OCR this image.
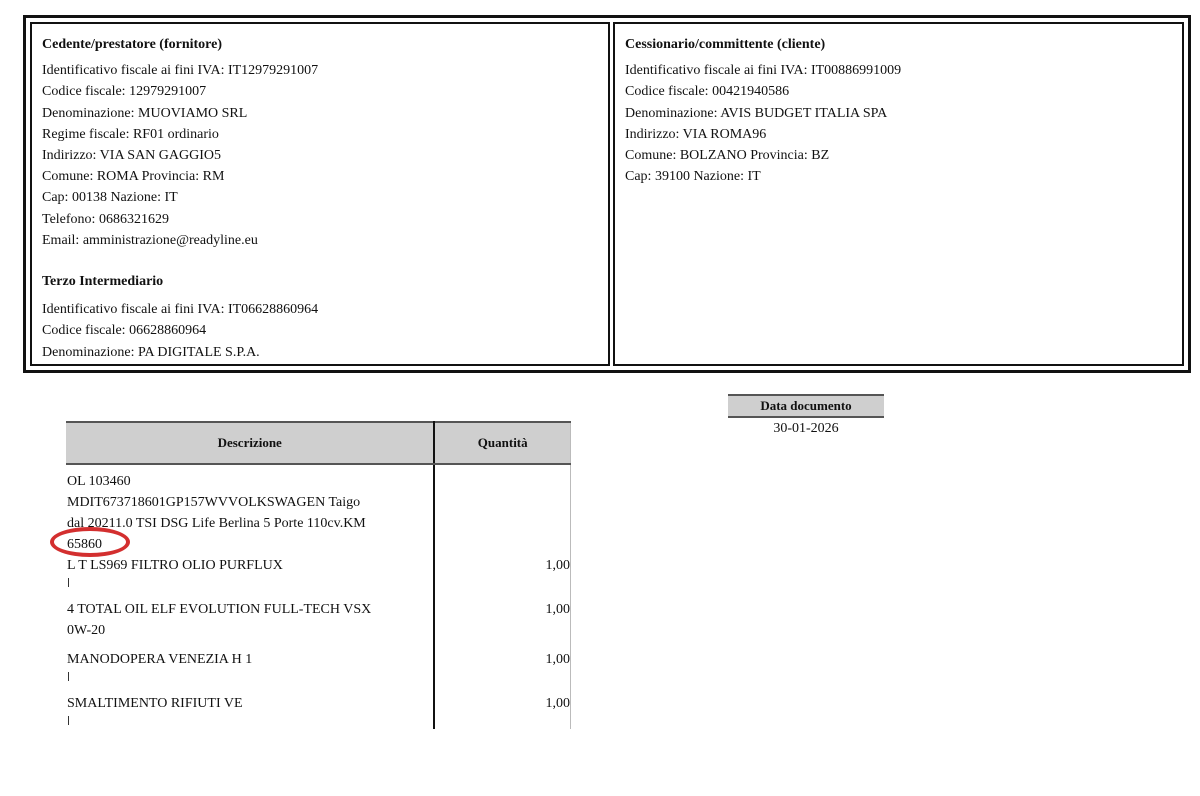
Cedente/prestatore (fornitore)
Identificativo fiscale ai fini IVA: IT12979291007
Codice fiscale: 12979291007
Denominazione: MUOVIAMO SRL
Regime fiscale: RF01 ordinario
Indirizzo: VIA SAN GAGGIO5
Comune: ROMA Provincia: RM
Cap: 00138 Nazione: IT
Telefono: 0686321629
Email: amministrazione@readyline.eu
Terzo Intermediario
Identificativo fiscale ai fini IVA: IT06628860964
Codice fiscale: 06628860964
Denominazione: PA DIGITALE S.P.A.
Cessionario/committente (cliente)
Identificativo fiscale ai fini IVA: IT00886991009
Codice fiscale: 00421940586
Denominazione: AVIS BUDGET ITALIA SPA
Indirizzo: VIA ROMA96
Comune: BOLZANO Provincia: BZ
Cap: 39100 Nazione: IT
Data documento
30-01-2026
Descrizione	Quantità

OL 103460
MDIT673718601GP157WVVOLKSWAGEN Taigo
dal 20211.0 TSI DSG Life Berlina 5 Porte 110cv.KM
65860	

L T LS969 FILTRO OLIO PURFLUX	1,00

4 TOTAL OIL ELF EVOLUTION FULL-TECH VSX
0W-20	1,00

MANODOPERA VENEZIA H 1	1,00

SMALTIMENTO RIFIUTI VE	1,00
